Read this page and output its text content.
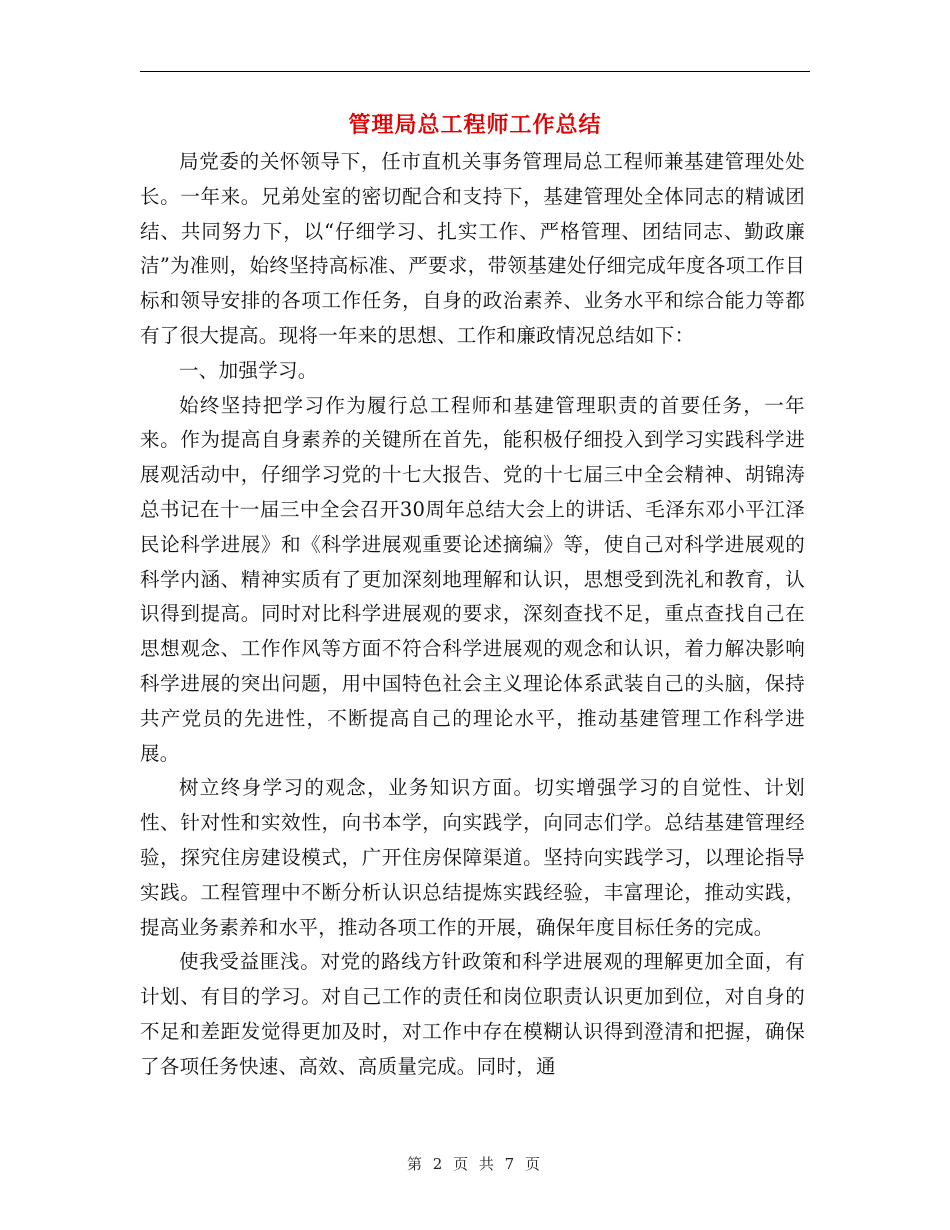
管理局总工程师工作总结

局党委的关怀领导下，任市直机关事务管理局总工程师兼基建管理处处长。一年来。兄弟处室的密切配合和支持下，基建管理处全体同志的精诚团结、共同努力下，以“仔细学习、扎实工作、严格管理、团结同志、勤政廉洁”为准则，始终坚持高标准、严要求，带领基建处仔细完成年度各项工作目标和领导安排的各项工作任务，自身的政治素养、业务水平和综合能力等都有了很大提高。现将一年来的思想、工作和廉政情况总结如下：

一、加强学习。

始终坚持把学习作为履行总工程师和基建管理职责的首要任务，一年来。作为提高自身素养的关键所在首先，能积极仔细投入到学习实践科学进展观活动中，仔细学习党的十七大报告、党的十七届三中全会精神、胡锦涛总书记在十一届三中全会召开30周年总结大会上的讲话、毛泽东邓小平江泽民论科学进展》和《科学进展观重要论述摘编》等，使自己对科学进展观的科学内涵、精神实质有了更加深刻地理解和认识，思想受到洗礼和教育，认识得到提高。同时对比科学进展观的要求，深刻查找不足，重点查找自己在思想观念、工作作风等方面不符合科学进展观的观念和认识，着力解决影响科学进展的突出问题，用中国特色社会主义理论体系武装自己的头脑，保持共产党员的先进性，不断提高自己的理论水平，推动基建管理工作科学进展。

树立终身学习的观念，业务知识方面。切实增强学习的自觉性、计划性、针对性和实效性，向书本学，向实践学，向同志们学。总结基建管理经验，探究住房建设模式，广开住房保障渠道。坚持向实践学习，以理论指导实践。工程管理中不断分析认识总结提炼实践经验，丰富理论，推动实践，提高业务素养和水平，推动各项工作的开展，确保年度目标任务的完成。

使我受益匪浅。对党的路线方针政策和科学进展观的理解更加全面，有计划、有目的学习。对自己工作的责任和岗位职责认识更加到位，对自身的不足和差距发觉得更加及时，对工作中存在模糊认识得到澄清和把握，确保了各项任务快速、高效、高质量完成。同时，通

第 2 页 共 7 页
